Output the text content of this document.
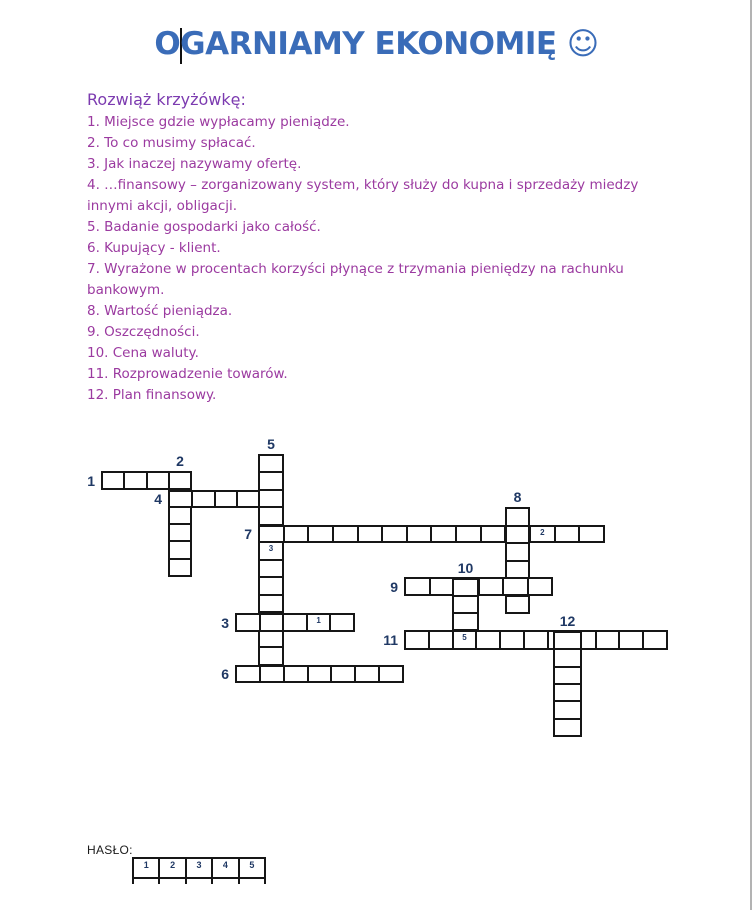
OGARNIAMY EKONOMIĘ ☺
Rozwiąż krzyżówkę:
1. Miejsce gdzie wypłacamy pieniądze.
2. To co musimy spłacać.
3. Jak inaczej nazywamy ofertę.
4. …finansowy – zorganizowany system, który służy do kupna i sprzedaży miedzy
innymi akcji, obligacji.
5. Badanie gospodarki jako całość.
6. Kupujący - klient.
7. Wyrażone w procentach korzyści płynące z trzymania pieniędzy na rachunku
bankowym.
8. Wartość pieniądza.
9. Oszczędności.
10. Cena waluty.
11. Rozprowadzenie towarów.
12. Plan finansowy.
1
2
4
3
5
2
7
8
9
10
1
3
5
11
12
6
HASŁO:
1 2 3 4 5
